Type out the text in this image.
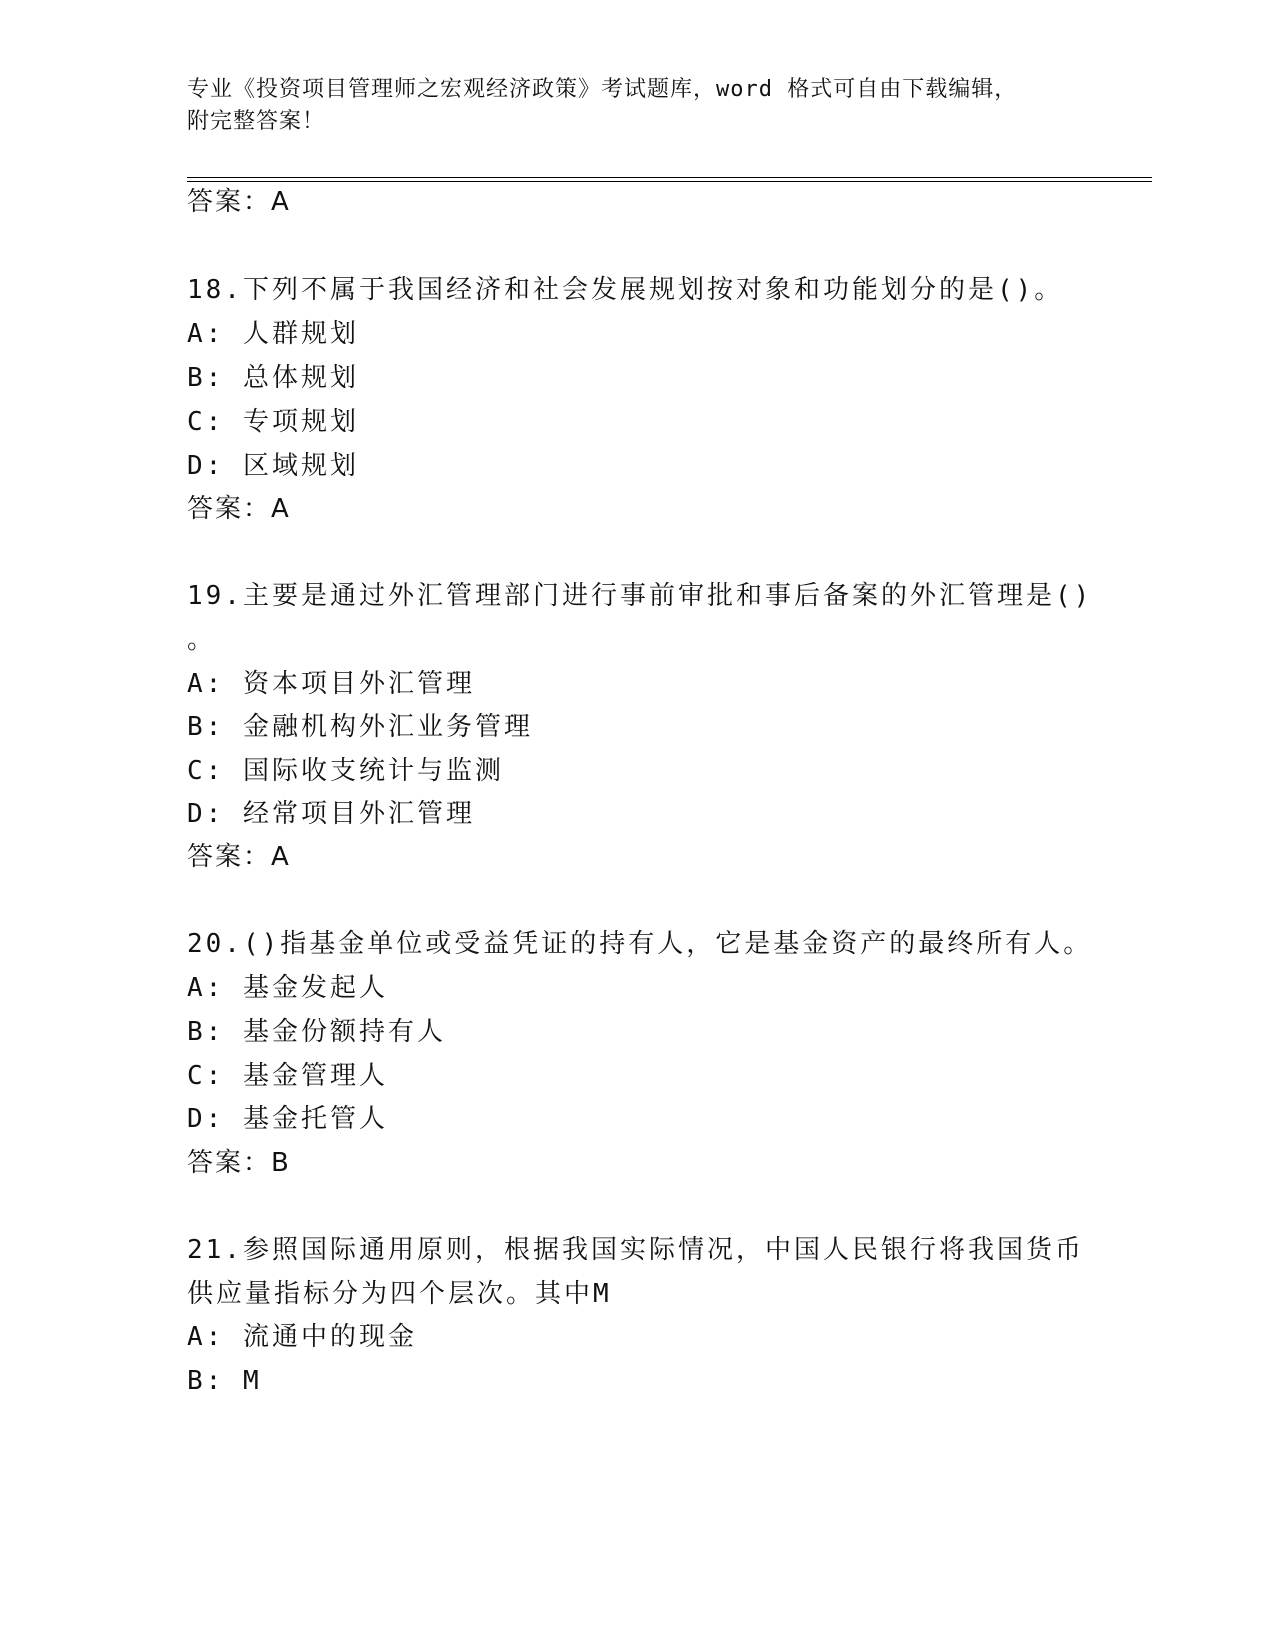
专业《投资项目管理师之宏观经济政策》考试题库，word 格式可自由下载编辑，
附完整答案！
答案：A
18.下列不属于我国经济和社会发展规划按对象和功能划分的是()。
A: 人群规划
B: 总体规划
C: 专项规划
D: 区域规划
答案：A
19.主要是通过外汇管理部门进行事前审批和事后备案的外汇管理是()
。
A: 资本项目外汇管理
B: 金融机构外汇业务管理
C: 国际收支统计与监测
D: 经常项目外汇管理
答案：A
20.()指基金单位或受益凭证的持有人，它是基金资产的最终所有人。
A: 基金发起人
B: 基金份额持有人
C: 基金管理人
D: 基金托管人
答案：B
21.参照国际通用原则，根据我国实际情况，中国人民银行将我国货币
供应量指标分为四个层次。其中M
A: 流通中的现金
B: M
